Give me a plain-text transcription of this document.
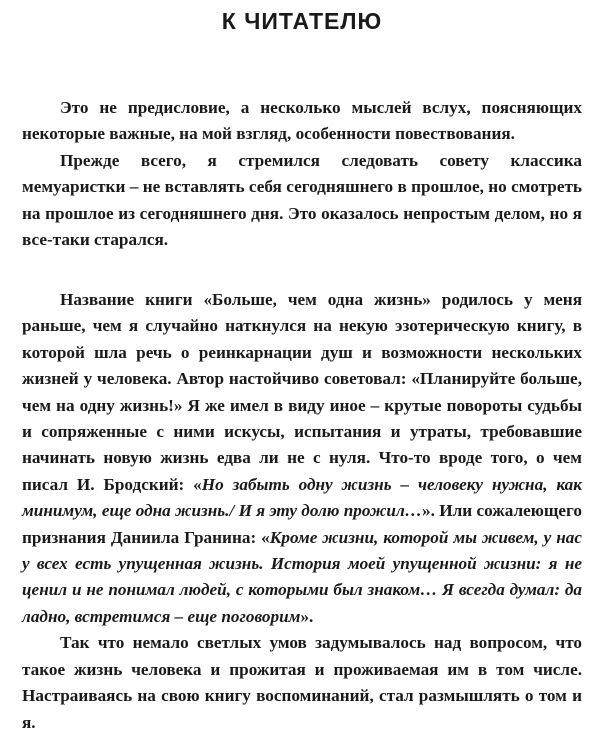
К ЧИТАТЕЛЮ

Это не предисловие, а несколько мыслей вслух, поясняющих некоторые важные, на мой взгляд, особенности повествования.

Прежде всего, я стремился следовать совету классика мемуаристки – не вставлять себя сегодняшнего в прошлое, но смотреть на прошлое из сегодняшнего дня. Это оказалось непростым делом, но я все-таки старался.

Название книги «Больше, чем одна жизнь» родилось у меня раньше, чем я случайно наткнулся на некую эзотерическую книгу, в которой шла речь о реинкарнации душ и возможности нескольких жизней у человека. Автор настойчиво советовал: «Планируйте больше, чем на одну жизнь!» Я же имел в виду иное – крутые повороты судьбы и сопряженные с ними искусы, испытания и утраты, требовавшие начинать новую жизнь едва ли не с нуля. Что-то вроде того, о чем писал И. Бродский: «Но забыть одну жизнь – человеку нужна, как минимум, еще одна жизнь./ И я эту долю прожил…». Или сожалеющего признания Даниила Гранина: «Кроме жизни, которой мы живем, у нас у всех есть упущенная жизнь. История моей упущенной жизни: я не ценил и не понимал людей, с которыми был знаком… Я всегда думал: да ладно, встретимся – еще поговорим».

Так что немало светлых умов задумывалось над вопросом, что такое жизнь человека и прожитая и проживаемая им в том числе. Настраиваясь на свою книгу воспоминаний, стал размышлять о том и я.
